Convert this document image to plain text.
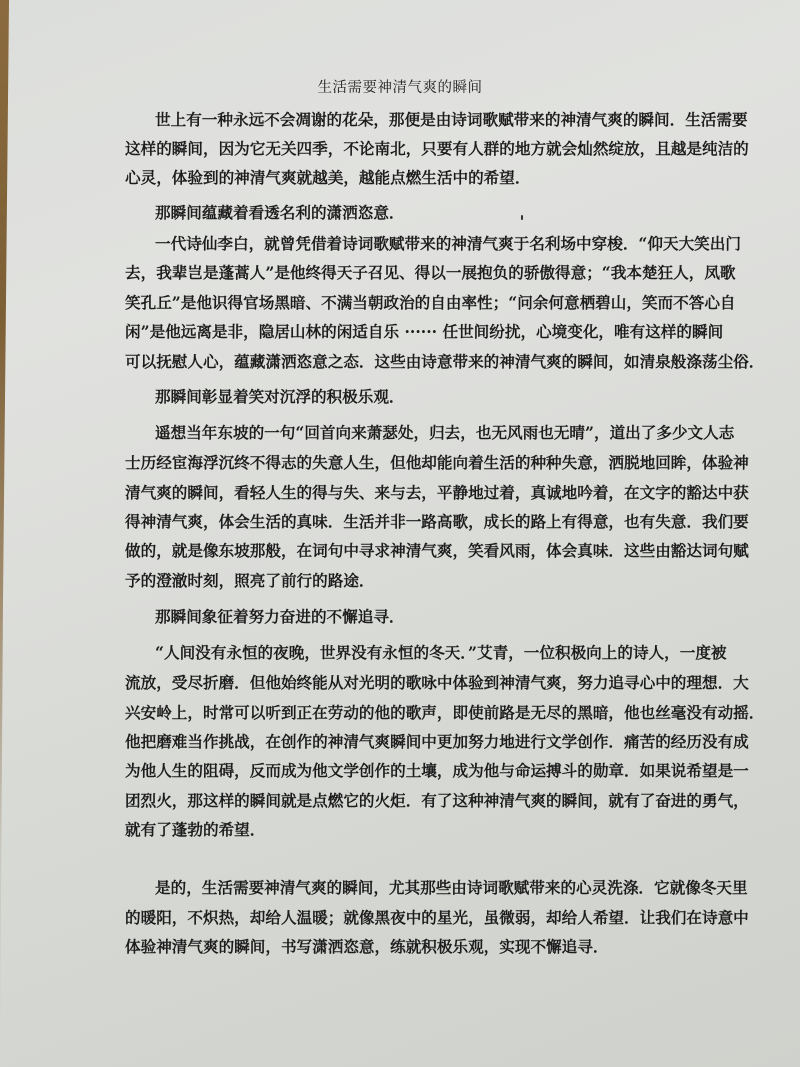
生活需要神清气爽的瞬间
世上有一种永远不会凋谢的花朵，那便是由诗词歌赋带来的神清气爽的瞬间．生活需要
这样的瞬间，因为它无关四季，不论南北，只要有人群的地方就会灿然绽放，且越是纯洁的
心灵，体验到的神清气爽就越美，越能点燃生活中的希望．
那瞬间蕴藏着看透名利的潇洒恣意．
一代诗仙李白，就曾凭借着诗词歌赋带来的神清气爽于名利场中穿梭．“仰天大笑出门
去，我辈岂是蓬蒿人”是他终得天子召见、得以一展抱负的骄傲得意；“我本楚狂人，凤歌
笑孔丘”是他识得官场黑暗、不满当朝政治的自由率性；“问余何意栖碧山，笑而不答心自
闲”是他远离是非，隐居山林的闲适自乐 ······ 任世间纷扰，心境变化，唯有这样的瞬间
可以抚慰人心，蕴藏潇洒恣意之态．这些由诗意带来的神清气爽的瞬间，如清泉般涤荡尘俗．
那瞬间彰显着笑对沉浮的积极乐观．
遥想当年东坡的一句“回首向来萧瑟处，归去，也无风雨也无晴”，道出了多少文人志
士历经宦海浮沉终不得志的失意人生，但他却能向着生活的种种失意，洒脱地回眸，体验神
清气爽的瞬间，看轻人生的得与失、来与去，平静地过着，真诚地吟着，在文字的豁达中获
得神清气爽，体会生活的真味．生活并非一路高歌，成长的路上有得意，也有失意．我们要
做的，就是像东坡那般，在词句中寻求神清气爽，笑看风雨，体会真味．这些由豁达词句赋
予的澄澈时刻，照亮了前行的路途．
那瞬间象征着努力奋进的不懈追寻．
“人间没有永恒的夜晚，世界没有永恒的冬天．”艾青，一位积极向上的诗人，一度被
流放，受尽折磨．但他始终能从对光明的歌咏中体验到神清气爽，努力追寻心中的理想．大
兴安岭上，时常可以听到正在劳动的他的歌声，即使前路是无尽的黑暗，他也丝毫没有动摇．
他把磨难当作挑战，在创作的神清气爽瞬间中更加努力地进行文学创作．痛苦的经历没有成
为他人生的阻碍，反而成为他文学创作的土壤，成为他与命运搏斗的勋章．如果说希望是一
团烈火，那这样的瞬间就是点燃它的火炬．有了这种神清气爽的瞬间，就有了奋进的勇气，
就有了蓬勃的希望．
是的，生活需要神清气爽的瞬间，尤其那些由诗词歌赋带来的心灵洗涤．它就像冬天里
的暖阳，不炽热，却给人温暖；就像黑夜中的星光，虽微弱，却给人希望．让我们在诗意中
体验神清气爽的瞬间，书写潇洒恣意，练就积极乐观，实现不懈追寻．
